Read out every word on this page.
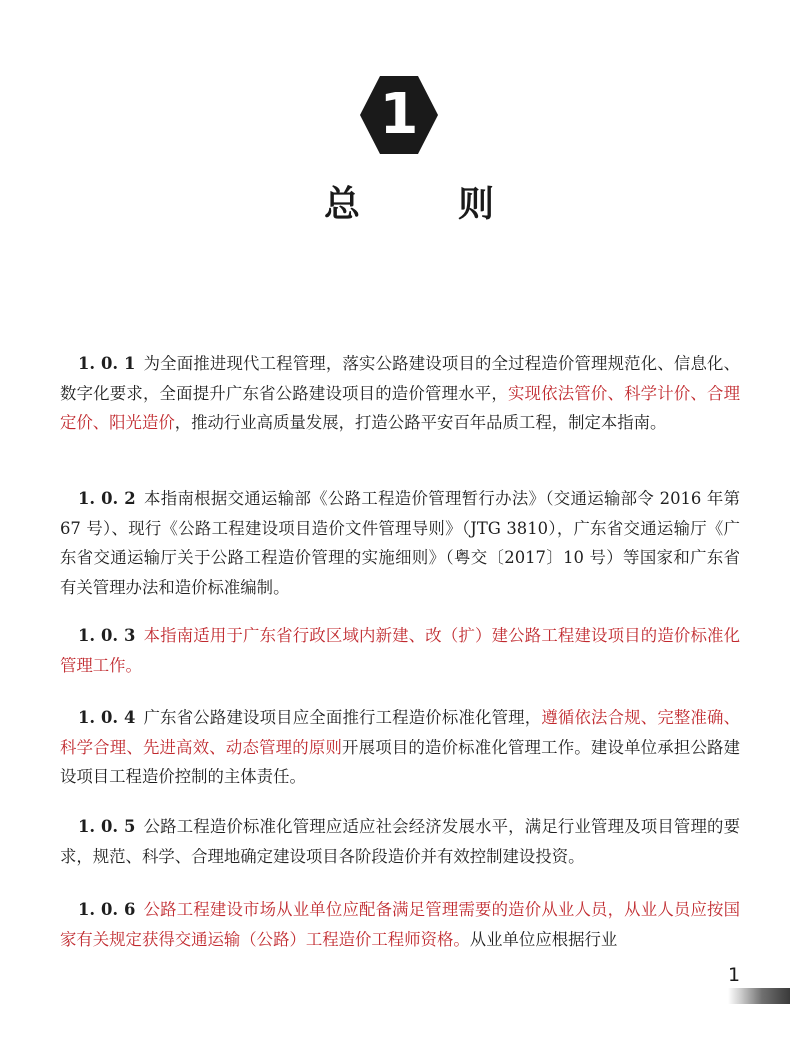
1
总	则

1. 0. 1 为全面推进现代工程管理，落实公路建设项目的全过程造价管理规范化、信息化、数字化要求，全面提升广东省公路建设项目的造价管理水平，实现依法管价、科学计价、合理定价、阳光造价，推动行业高质量发展，打造公路平安百年品质工程，制定本指南。

1. 0. 2 本指南根据交通运输部《公路工程造价管理暂行办法》（交通运输部令 2016 年第 67 号）、现行《公路工程建设项目造价文件管理导则》（JTG 3810），广东省交通运输厅《广东省交通运输厅关于公路工程造价管理的实施细则》（粤交〔2017〕10 号）等国家和广东省有关管理办法和造价标准编制。

1. 0. 3 本指南适用于广东省行政区域内新建、改（扩）建公路工程建设项目的造价标准化管理工作。

1. 0. 4 广东省公路建设项目应全面推行工程造价标准化管理，遵循依法合规、完整准确、科学合理、先进高效、动态管理的原则开展项目的造价标准化管理工作。建设单位承担公路建设项目工程造价控制的主体责任。

1. 0. 5 公路工程造价标准化管理应适应社会经济发展水平，满足行业管理及项目管理的要求，规范、科学、合理地确定建设项目各阶段造价并有效控制建设投资。

1. 0. 6 公路工程建设市场从业单位应配备满足管理需要的造价从业人员，从业人员应按国家有关规定获得交通运输（公路）工程造价工程师资格。从业单位应根据行业

1
